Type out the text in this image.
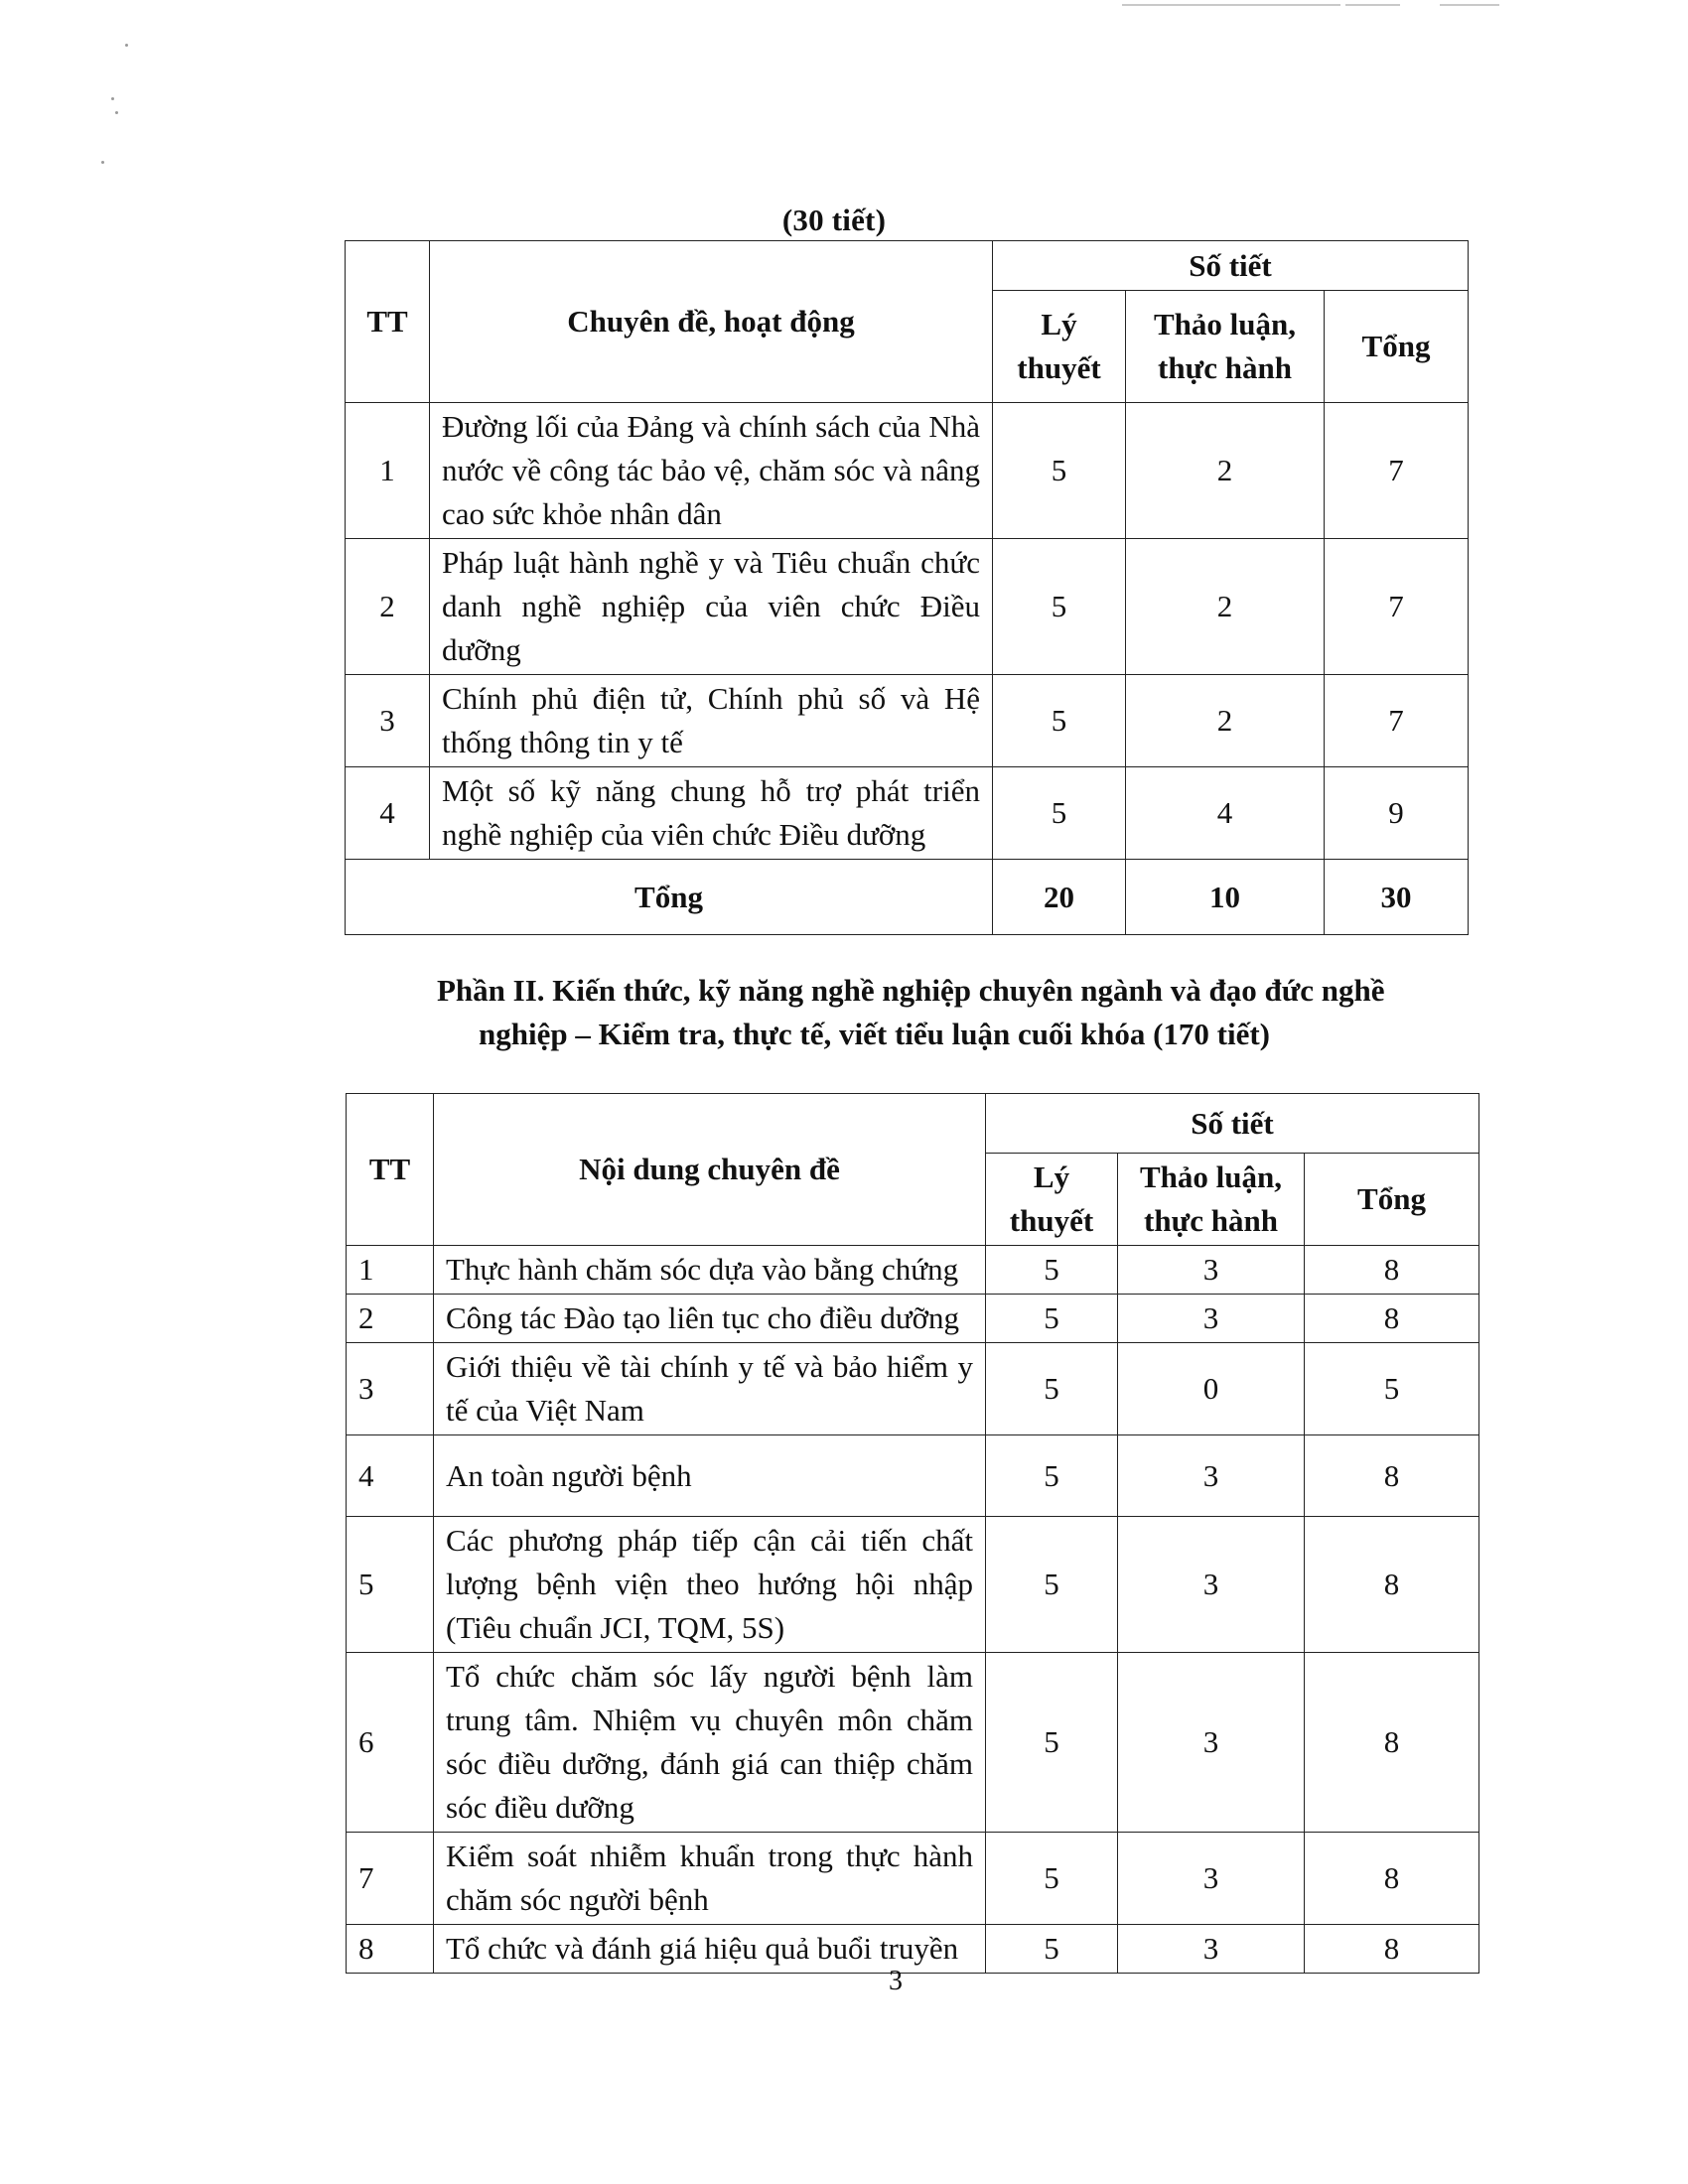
(30 tiết)
TT	Chuyên đề, hoạt động	Số tiết		
		Lý thuyết	Thảo luận, thực hành	Tổng
1	Đường lối của Đảng và chính sách của Nhà nước về công tác bảo vệ, chăm sóc và nâng cao sức khỏe nhân dân	5	2	7
2	Pháp luật hành nghề y và Tiêu chuẩn chức danh nghề nghiệp của viên chức Điều dưỡng	5	2	7
3	Chính phủ điện tử, Chính phủ số và Hệ thống thông tin y tế	5	2	7
4	Một số kỹ năng chung hỗ trợ phát triển nghề nghiệp của viên chức Điều dưỡng	5	4	9
Tổng		20	10	30
Phần II. Kiến thức, kỹ năng nghề nghiệp chuyên ngành và đạo đức nghề
nghiệp – Kiểm tra, thực tế, viết tiểu luận cuối khóa (170 tiết)
TT	Nội dung chuyên đề	Số tiết		
		Lý thuyết	Thảo luận, thực hành	Tổng
1	Thực hành chăm sóc dựa vào bằng chứng	5	3	8
2	Công tác Đào tạo liên tục cho điều dưỡng	5	3	8
3	Giới thiệu về tài chính y tế và bảo hiểm y tế của Việt Nam	5	0	5
4	An toàn người bệnh	5	3	8
5	Các phương pháp tiếp cận cải tiến chất lượng bệnh viện theo hướng hội nhập (Tiêu chuẩn JCI, TQM, 5S)	5	3	8
6	Tổ chức chăm sóc lấy người bệnh làm trung tâm. Nhiệm vụ chuyên môn chăm sóc điều dưỡng, đánh giá can thiệp chăm sóc điều dưỡng	5	3	8
7	Kiểm soát nhiễm khuẩn trong thực hành chăm sóc người bệnh	5	3	8
8	Tổ chức và đánh giá hiệu quả buổi truyền	5	3	8
3
